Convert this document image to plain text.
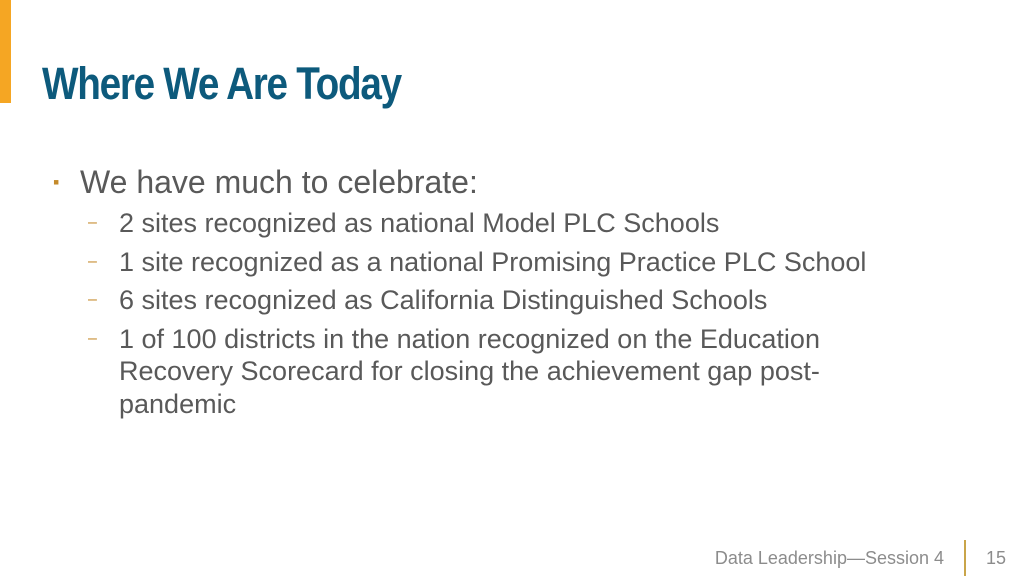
Where We Are Today
▪ We have much to celebrate:
– 2 sites recognized as national Model PLC Schools
– 1 site recognized as a national Promising Practice PLC School
– 6 sites recognized as California Distinguished Schools
– 1 of 100 districts in the nation recognized on the Education Recovery Scorecard for closing the achievement gap post-pandemic
Data Leadership—Session 4 15
